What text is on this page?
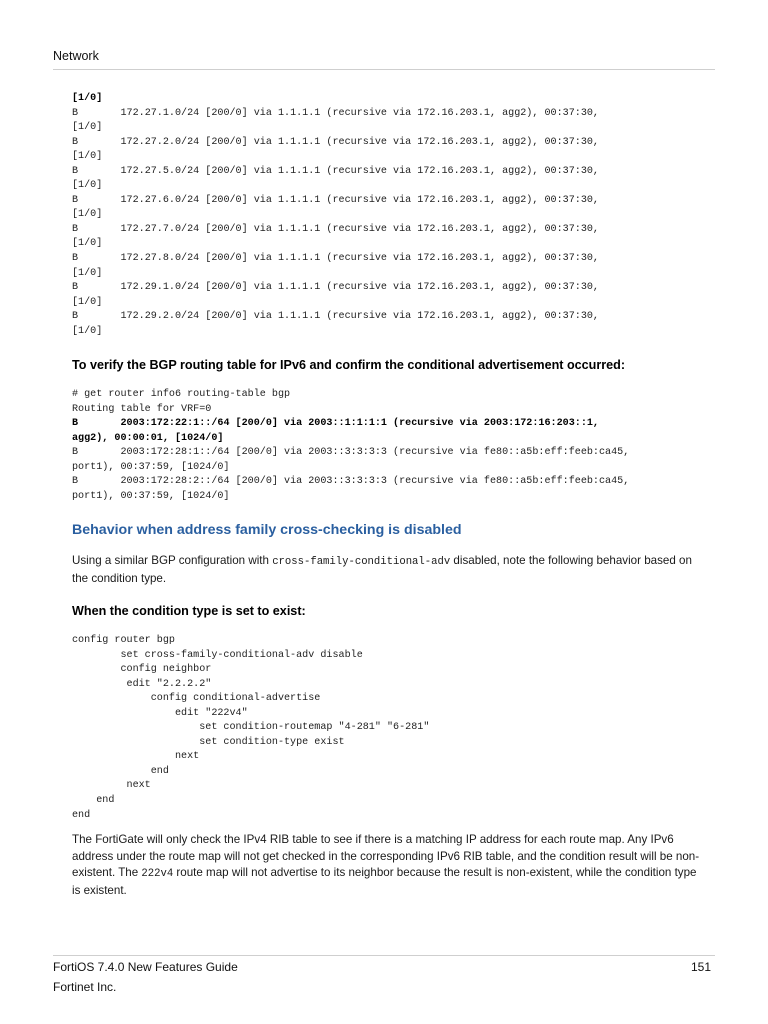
Network
[1/0]
B	172.27.1.0/24 [200/0] via 1.1.1.1 (recursive via 172.16.203.1, agg2), 00:37:30,
[1/0]
B	172.27.2.0/24 [200/0] via 1.1.1.1 (recursive via 172.16.203.1, agg2), 00:37:30,
[1/0]
B	172.27.5.0/24 [200/0] via 1.1.1.1 (recursive via 172.16.203.1, agg2), 00:37:30,
[1/0]
B	172.27.6.0/24 [200/0] via 1.1.1.1 (recursive via 172.16.203.1, agg2), 00:37:30,
[1/0]
B	172.27.7.0/24 [200/0] via 1.1.1.1 (recursive via 172.16.203.1, agg2), 00:37:30,
[1/0]
B	172.27.8.0/24 [200/0] via 1.1.1.1 (recursive via 172.16.203.1, agg2), 00:37:30,
[1/0]
B	172.29.1.0/24 [200/0] via 1.1.1.1 (recursive via 172.16.203.1, agg2), 00:37:30,
[1/0]
B	172.29.2.0/24 [200/0] via 1.1.1.1 (recursive via 172.16.203.1, agg2), 00:37:30,
[1/0]
To verify the BGP routing table for IPv6 and confirm the conditional advertisement occurred:
# get router info6 routing-table bgp
Routing table for VRF=0
B	2003:172:22:1::/64 [200/0] via 2003::1:1:1:1 (recursive via 2003:172:16:203::1,
agg2), 00:00:01, [1024/0]
B	2003:172:28:1::/64 [200/0] via 2003::3:3:3:3 (recursive via fe80::a5b:eff:feeb:ca45,
port1), 00:37:59, [1024/0]
B	2003:172:28:2::/64 [200/0] via 2003::3:3:3:3 (recursive via fe80::a5b:eff:feeb:ca45,
port1), 00:37:59, [1024/0]
Behavior when address family cross-checking is disabled

Using a similar BGP configuration with cross-family-conditional-adv disabled, note the following behavior based on the condition type.

When the condition type is set to exist:
config router bgp
set cross-family-conditional-adv disable
config neighbor
edit "2.2.2.2"
config conditional-advertise
edit "222v4"
set condition-routemap "4-281" "6-281"
set condition-type exist
next
end
next
end
end

The FortiGate will only check the IPv4 RIB table to see if there is a matching IP address for each route map. Any IPv6 address under the route map will not get checked in the corresponding IPv6 RIB table, and the condition result will be non-existent. The 222v4 route map will not advertise to its neighbor because the result is non-existent, while the condition type is existent.

FortiOS 7.4.0 New Features Guide
Fortinet Inc.
151
